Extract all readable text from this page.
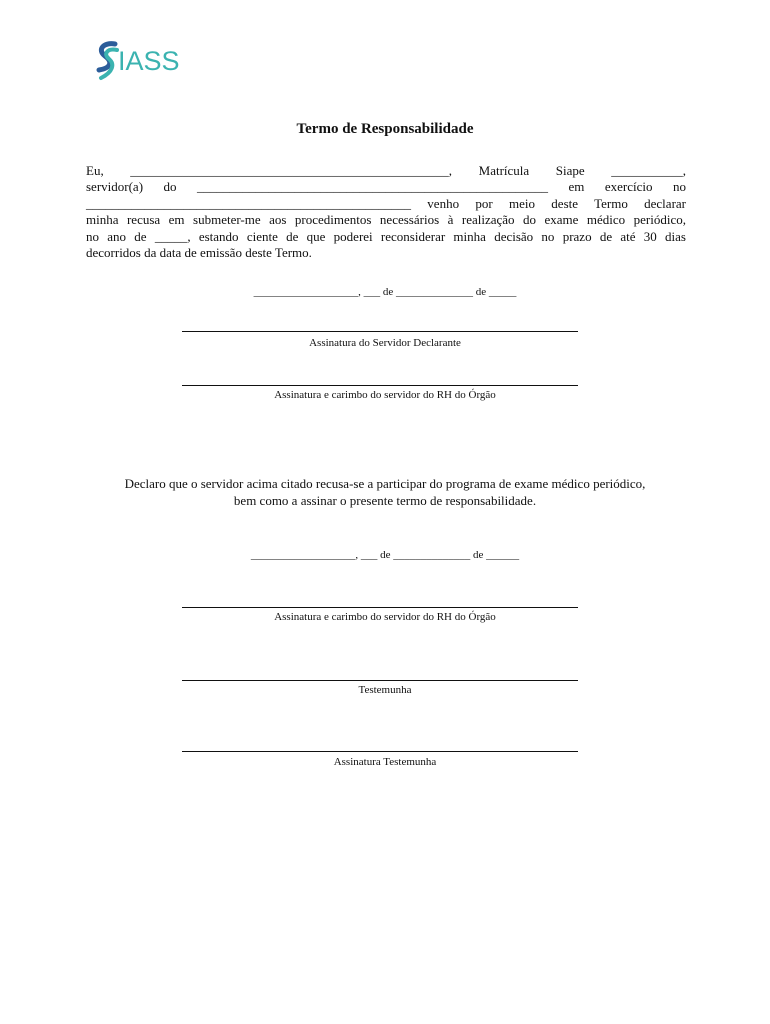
IASS
Termo de Responsabilidade
Eu, _________________________________________________, Matrícula Siape ___________,
servidor(a) do ______________________________________________________ em exercício no
__________________________________________________ venho por meio deste Termo declarar
minha recusa em submeter-me aos procedimentos necessários à realização do exame médico periódico,
no ano de _____, estando ciente de que poderei reconsiderar minha decisão no prazo de até 30 dias
decorridos da data de emissão deste Termo.
___________________, ___ de ______________ de _____
Assinatura do Servidor Declarante
Assinatura e carimbo do servidor do RH do Órgão
Declaro que o servidor acima citado recusa-se a participar do programa de exame médico periódico,
bem como a assinar o presente termo de responsabilidade.
___________________, ___ de ______________ de ______
Assinatura e carimbo do servidor do RH do Órgão
Testemunha
Assinatura Testemunha
